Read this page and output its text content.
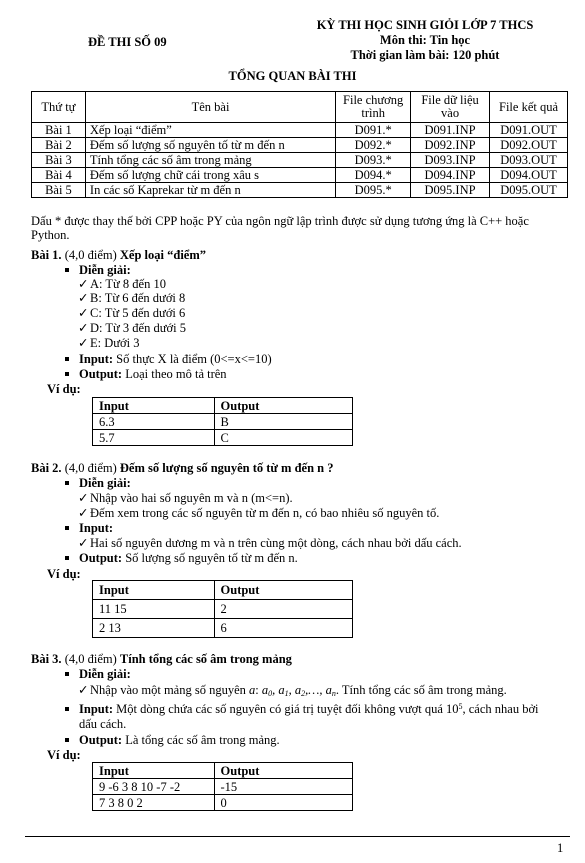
ĐỀ THI SỐ 09
KỲ THI HỌC SINH GIỎI LỚP 7 THCS
Môn thi: Tin học
Thời gian làm bài: 120 phút
TỔNG QUAN BÀI THI
Thứ tự	Tên bài	File chương trình	File dữ liệu vào	File kết quả
Bài 1	Xếp loại “điểm”	D091.*	D091.INP	D091.OUT
Bài 2	Đếm số lượng số nguyên tố từ m đến n	D092.*	D092.INP	D092.OUT
Bài 3	Tính tổng các số âm trong mảng	D093.*	D093.INP	D093.OUT
Bài 4	Đếm số lượng chữ cái trong xâu s	D094.*	D094.INP	D094.OUT
Bài 5	In các số Kaprekar từ m đến n	D095.*	D095.INP	D095.OUT
Dấu * được thay thế bởi CPP hoặc PY của ngôn ngữ lập trình được sử dụng tương ứng là C++ hoặc
Python.
Bài 1. (4,0 điểm) Xếp loại “điểm”
Diễn giải:
✓ A: Từ 8 đến 10
✓ B: Từ 6 đến dưới 8
✓ C: Từ 5 đến dưới 6
✓ D: Từ 3 đến dưới 5
✓ E: Dưới 3
Input: Số thực X là điểm (0<=x<=10)
Output: Loại theo mô tả trên
Ví dụ:
Input	Output
6.3	B
5.7	C
Bài 2. (4,0 điểm) Đếm số lượng số nguyên tố từ m đến n ?
Diễn giải:
✓ Nhập vào hai số nguyên m và n (m<=n).
✓ Đếm xem trong các số nguyên từ m đến n, có bao nhiêu số nguyên tố.
Input:
✓ Hai số nguyên dương m và n trên cùng một dòng, cách nhau bởi dấu cách.
Output: Số lượng số nguyên tố từ m đến n.
Ví dụ:
Input	Output
11 15	2
2 13	6
Bài 3. (4,0 điểm) Tính tổng các số âm trong mảng
Diễn giải:
✓ Nhập vào một mảng số nguyên a: $a_0$, $a_1$, $a_2,\dots$, $a_n$. Tính tổng các số âm trong mảng.
Input: Một dòng chứa các số nguyên có giá trị tuyệt đối không vượt quá $10^5$, cách nhau bởi
dấu cách.
Output: Là tổng các số âm trong mảng.
Ví dụ:
Input	Output
9 -6 3 8 10 -7 -2	-15
7 3 8 0 2	0
1
